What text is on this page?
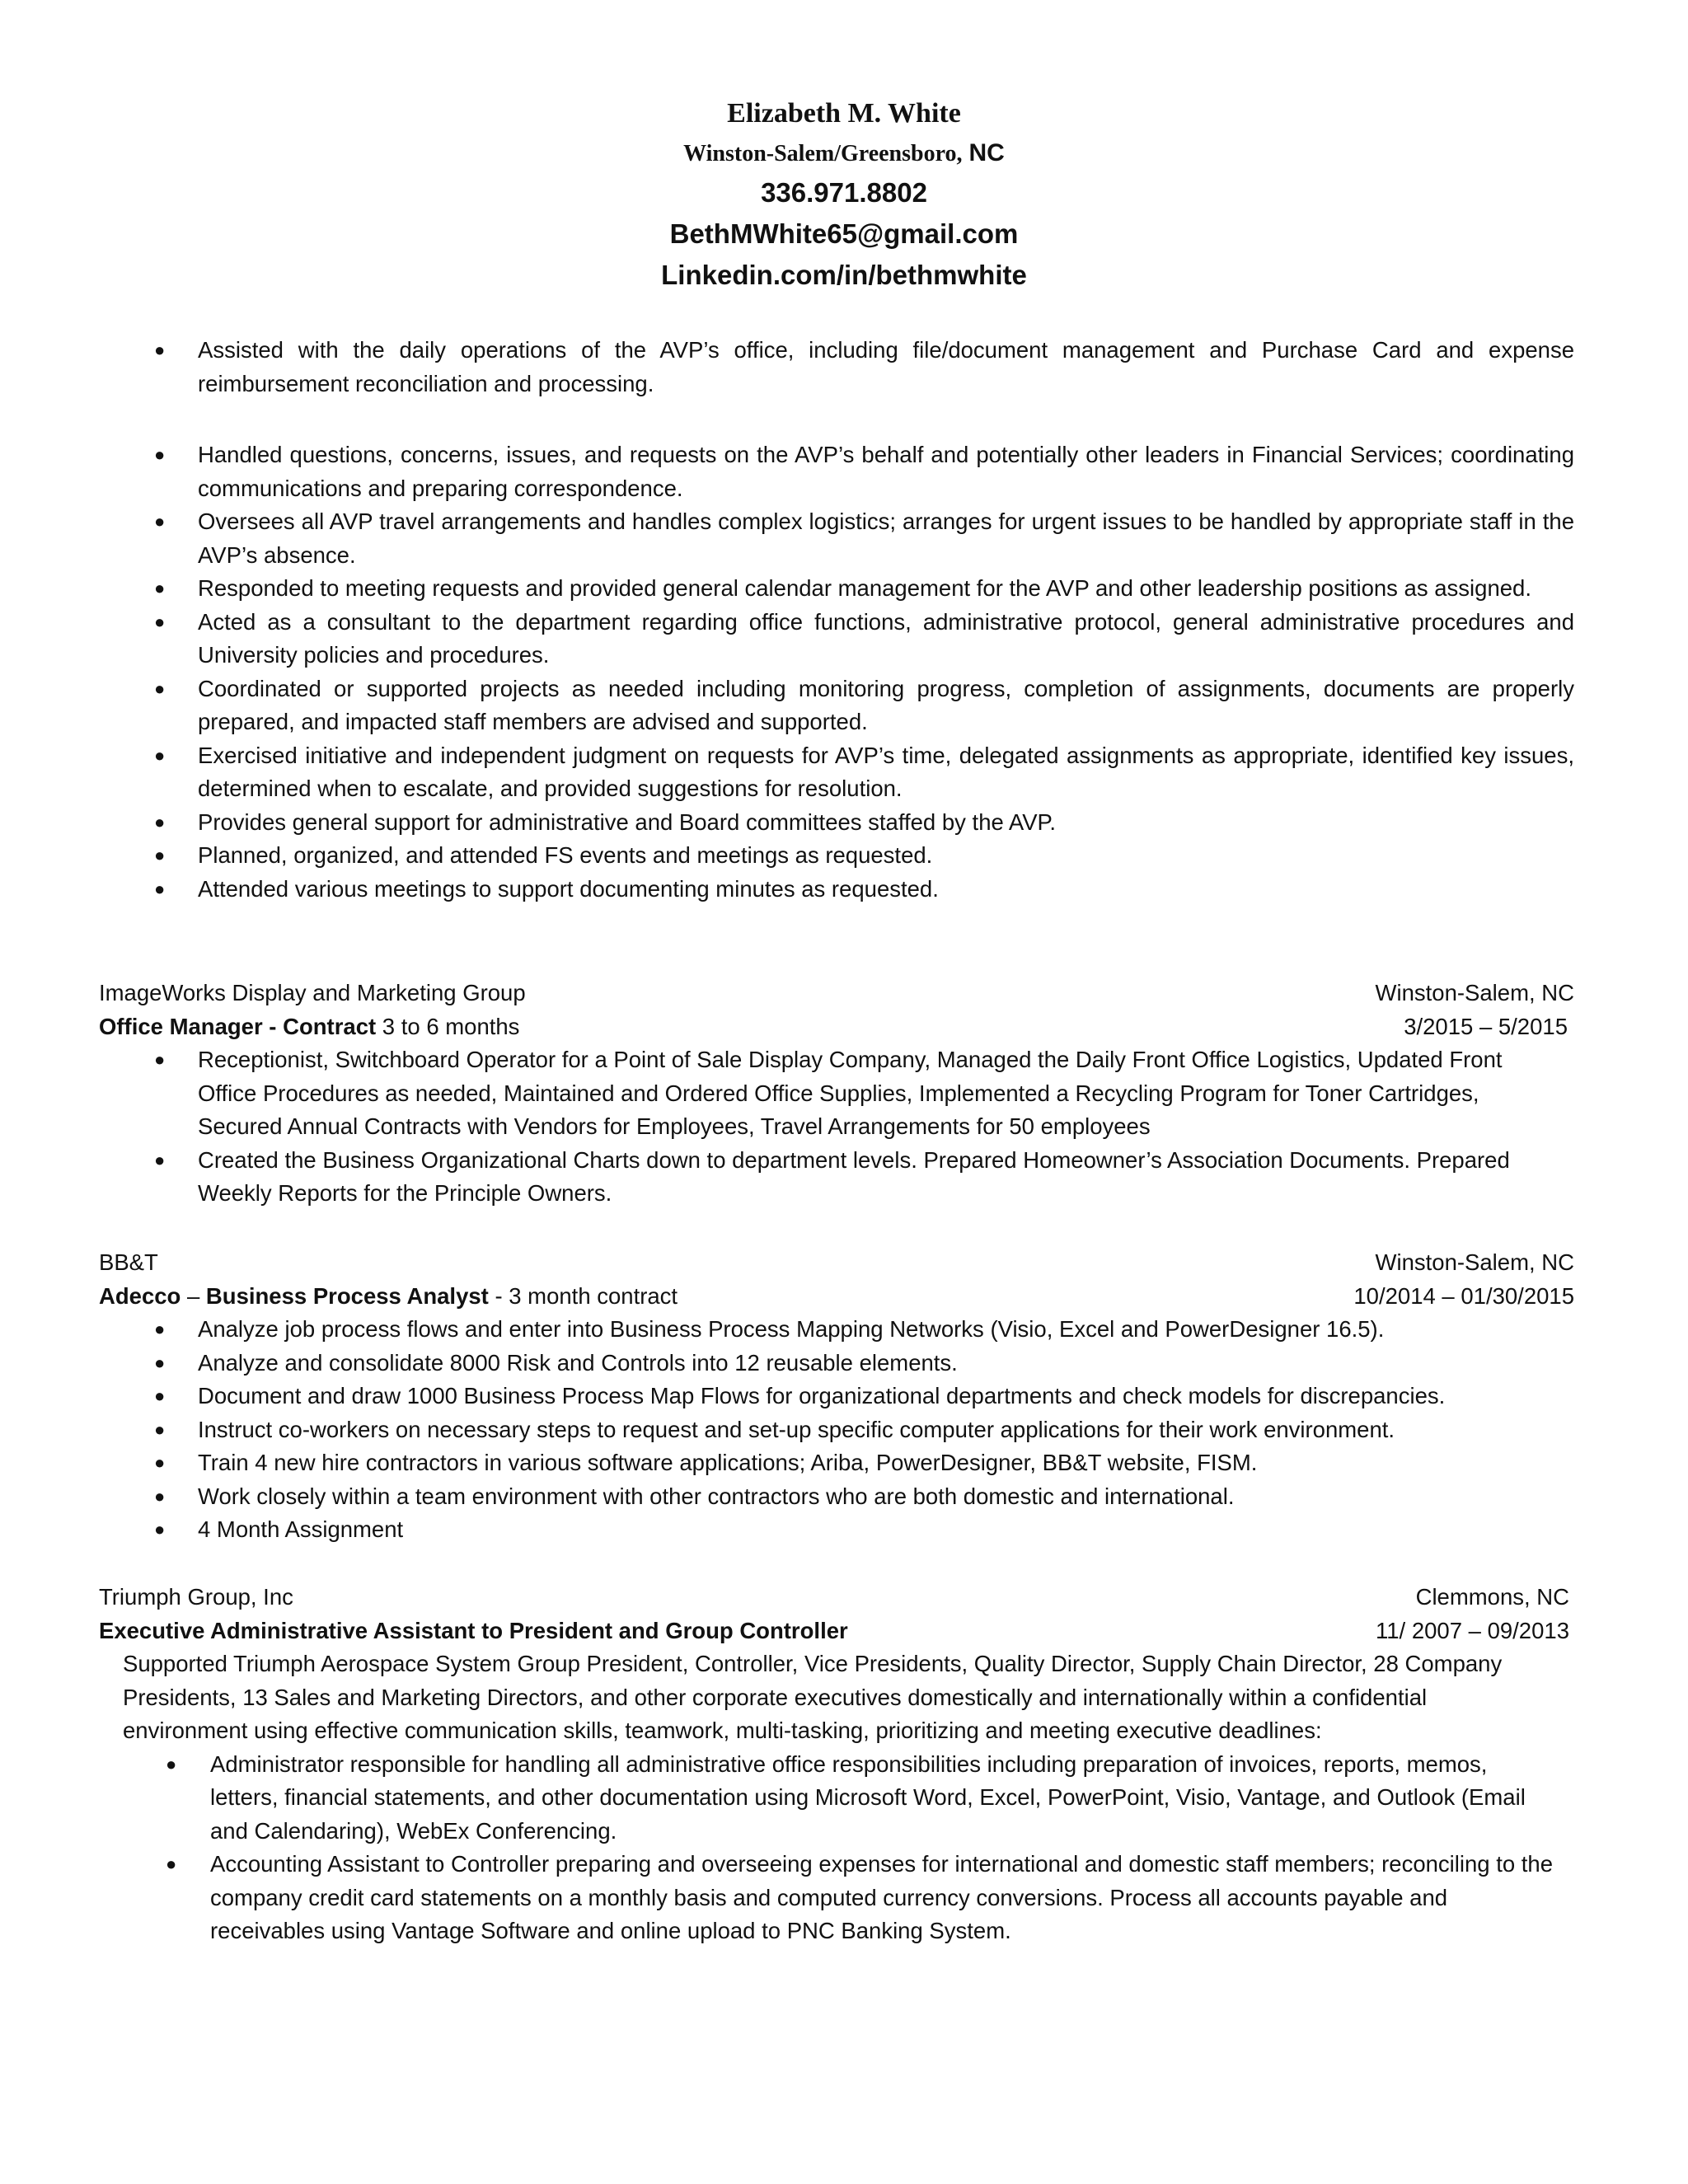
Elizabeth M. White
Winston-Salem/Greensboro, NC
336.971.8802
BethMWhite65@gmail.com
Linkedin.com/in/bethmwhite
● Assisted with the daily operations of the AVP’s office, including file/document management and Purchase Card and expense reimbursement reconciliation and processing.
● Handled questions, concerns, issues, and requests on the AVP’s behalf and potentially other leaders in Financial Services; coordinating communications and preparing correspondence.
● Oversees all AVP travel arrangements and handles complex logistics; arranges for urgent issues to be handled by appropriate staff in the AVP’s absence.
● Responded to meeting requests and provided general calendar management for the AVP and other leadership positions as assigned.
● Acted as a consultant to the department regarding office functions, administrative protocol, general administrative procedures and University policies and procedures.
● Coordinated or supported projects as needed including monitoring progress, completion of assignments, documents are properly prepared, and impacted staff members are advised and supported.
● Exercised initiative and independent judgment on requests for AVP’s time, delegated assignments as appropriate, identified key issues, determined when to escalate, and provided suggestions for resolution.
● Provides general support for administrative and Board committees staffed by the AVP.
● Planned, organized, and attended FS events and meetings as requested.
● Attended various meetings to support documenting minutes as requested.
ImageWorks Display and Marketing Group	Winston-Salem, NC
Office Manager - Contract 3 to 6 months	3/2015 – 5/2015
● Receptionist, Switchboard Operator for a Point of Sale Display Company, Managed the Daily Front Office Logistics, Updated Front Office Procedures as needed, Maintained and Ordered Office Supplies, Implemented a Recycling Program for Toner Cartridges, Secured Annual Contracts with Vendors for Employees, Travel Arrangements for 50 employees
● Created the Business Organizational Charts down to department levels. Prepared Homeowner’s Association Documents. Prepared Weekly Reports for the Principle Owners.
BB&T	Winston-Salem, NC
Adecco – Business Process Analyst - 3 month contract	10/2014 – 01/30/2015
● Analyze job process flows and enter into Business Process Mapping Networks (Visio, Excel and PowerDesigner 16.5).
● Analyze and consolidate 8000 Risk and Controls into 12 reusable elements.
● Document and draw 1000 Business Process Map Flows for organizational departments and check models for discrepancies.
● Instruct co-workers on necessary steps to request and set-up specific computer applications for their work environment.
● Train 4 new hire contractors in various software applications; Ariba, PowerDesigner, BB&T website, FISM.
● Work closely within a team environment with other contractors who are both domestic and international.
● 4 Month Assignment
Triumph Group, Inc	Clemmons, NC
Executive Administrative Assistant to President and Group Controller	11/ 2007 – 09/2013
Supported Triumph Aerospace System Group President, Controller, Vice Presidents, Quality Director, Supply Chain Director, 28 Company Presidents, 13 Sales and Marketing Directors, and other corporate executives domestically and internationally within a confidential environment using effective communication skills, teamwork, multi-tasking, prioritizing and meeting executive deadlines:
● Administrator responsible for handling all administrative office responsibilities including preparation of invoices, reports, memos, letters, financial statements, and other documentation using Microsoft Word, Excel, PowerPoint, Visio, Vantage, and Outlook (Email and Calendaring), WebEx Conferencing.
● Accounting Assistant to Controller preparing and overseeing expenses for international and domestic staff members; reconciling to the company credit card statements on a monthly basis and computed currency conversions. Process all accounts payable and receivables using Vantage Software and online upload to PNC Banking System.
